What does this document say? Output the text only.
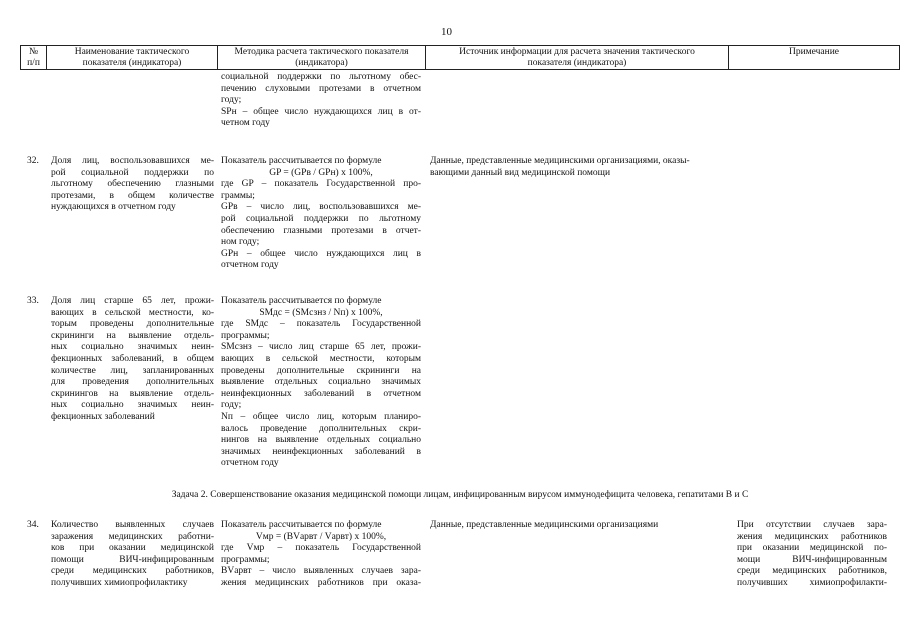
10
№
п/п
Наименование тактического
показателя (индикатора)
Методика расчета тактического показателя
(индикатора)
Источник информации для расчета значения тактического
показателя (индикатора)
Примечание
социальной поддержки по льготному обес-
печению слуховыми протезами в отчетном
году;
SPн – общее число нуждающихся лиц в от-
четном году
32. Доля лиц, воспользовавшихся ме-
рой социальной поддержки по
льготному обеспечению глазными
протезами, в общем количестве
нуждающихся в отчетном году
Показатель рассчитывается по формуле
GP = (GPв / GPн) x 100%,
где GP – показатель Государственной про-
граммы;
GPв – число лиц, воспользовавшихся ме-
рой социальной поддержки по льготному
обеспечению глазными протезами в отчет-
ном году;
GPн – общее число нуждающихся лиц в
отчетном году
Данные, представленные медицинскими организациями, оказы-
вающими данный вид медицинской помощи
33. Доля лиц старше 65 лет, прожи-
вающих в сельской местности, ко-
торым проведены дополнительные
скрининги на выявление отдель-
ных социально значимых неин-
фекционных заболеваний, в общем
количестве лиц, запланированных
для проведения дополнительных
скринингов на выявление отдель-
ных социально значимых неин-
фекционных заболеваний
Показатель рассчитывается по формуле
SMдс = (SMсзнз / Nп) x 100%,
где SMдс – показатель Государственной
программы;
SMсзнз – число лиц старше 65 лет, прожи-
вающих в сельской местности, которым
проведены дополнительные скрининги на
выявление отдельных социально значимых
неинфекционных заболеваний в отчетном
году;
Nп – общее число лиц, которым планиро-
валось проведение дополнительных скри-
нингов на выявление отдельных социально
значимых неинфекционных заболеваний в
отчетном году
Задача 2. Совершенствование оказания медицинской помощи лицам, инфицированным вирусом иммунодефицита человека, гепатитами В и С
34. Количество выявленных случаев
заражения медицинских работни-
ков при оказании медицинской
помощи ВИЧ-инфицированным
среди медицинских работников,
получивших химиопрофилактику
Показатель рассчитывается по формуле
Vмр = (BVарвт / Vарвт) x 100%,
где Vмр – показатель Государственной
программы;
BVарвт – число выявленных случаев зара-
жения медицинских работников при оказа-
Данные, представленные медицинскими организациями	При отсутствии случаев зара-
жения медицинских работников
при оказании медицинской по-
мощи ВИЧ-инфицированным
среди медицинских работников,
получивших химиопрофилакти-
